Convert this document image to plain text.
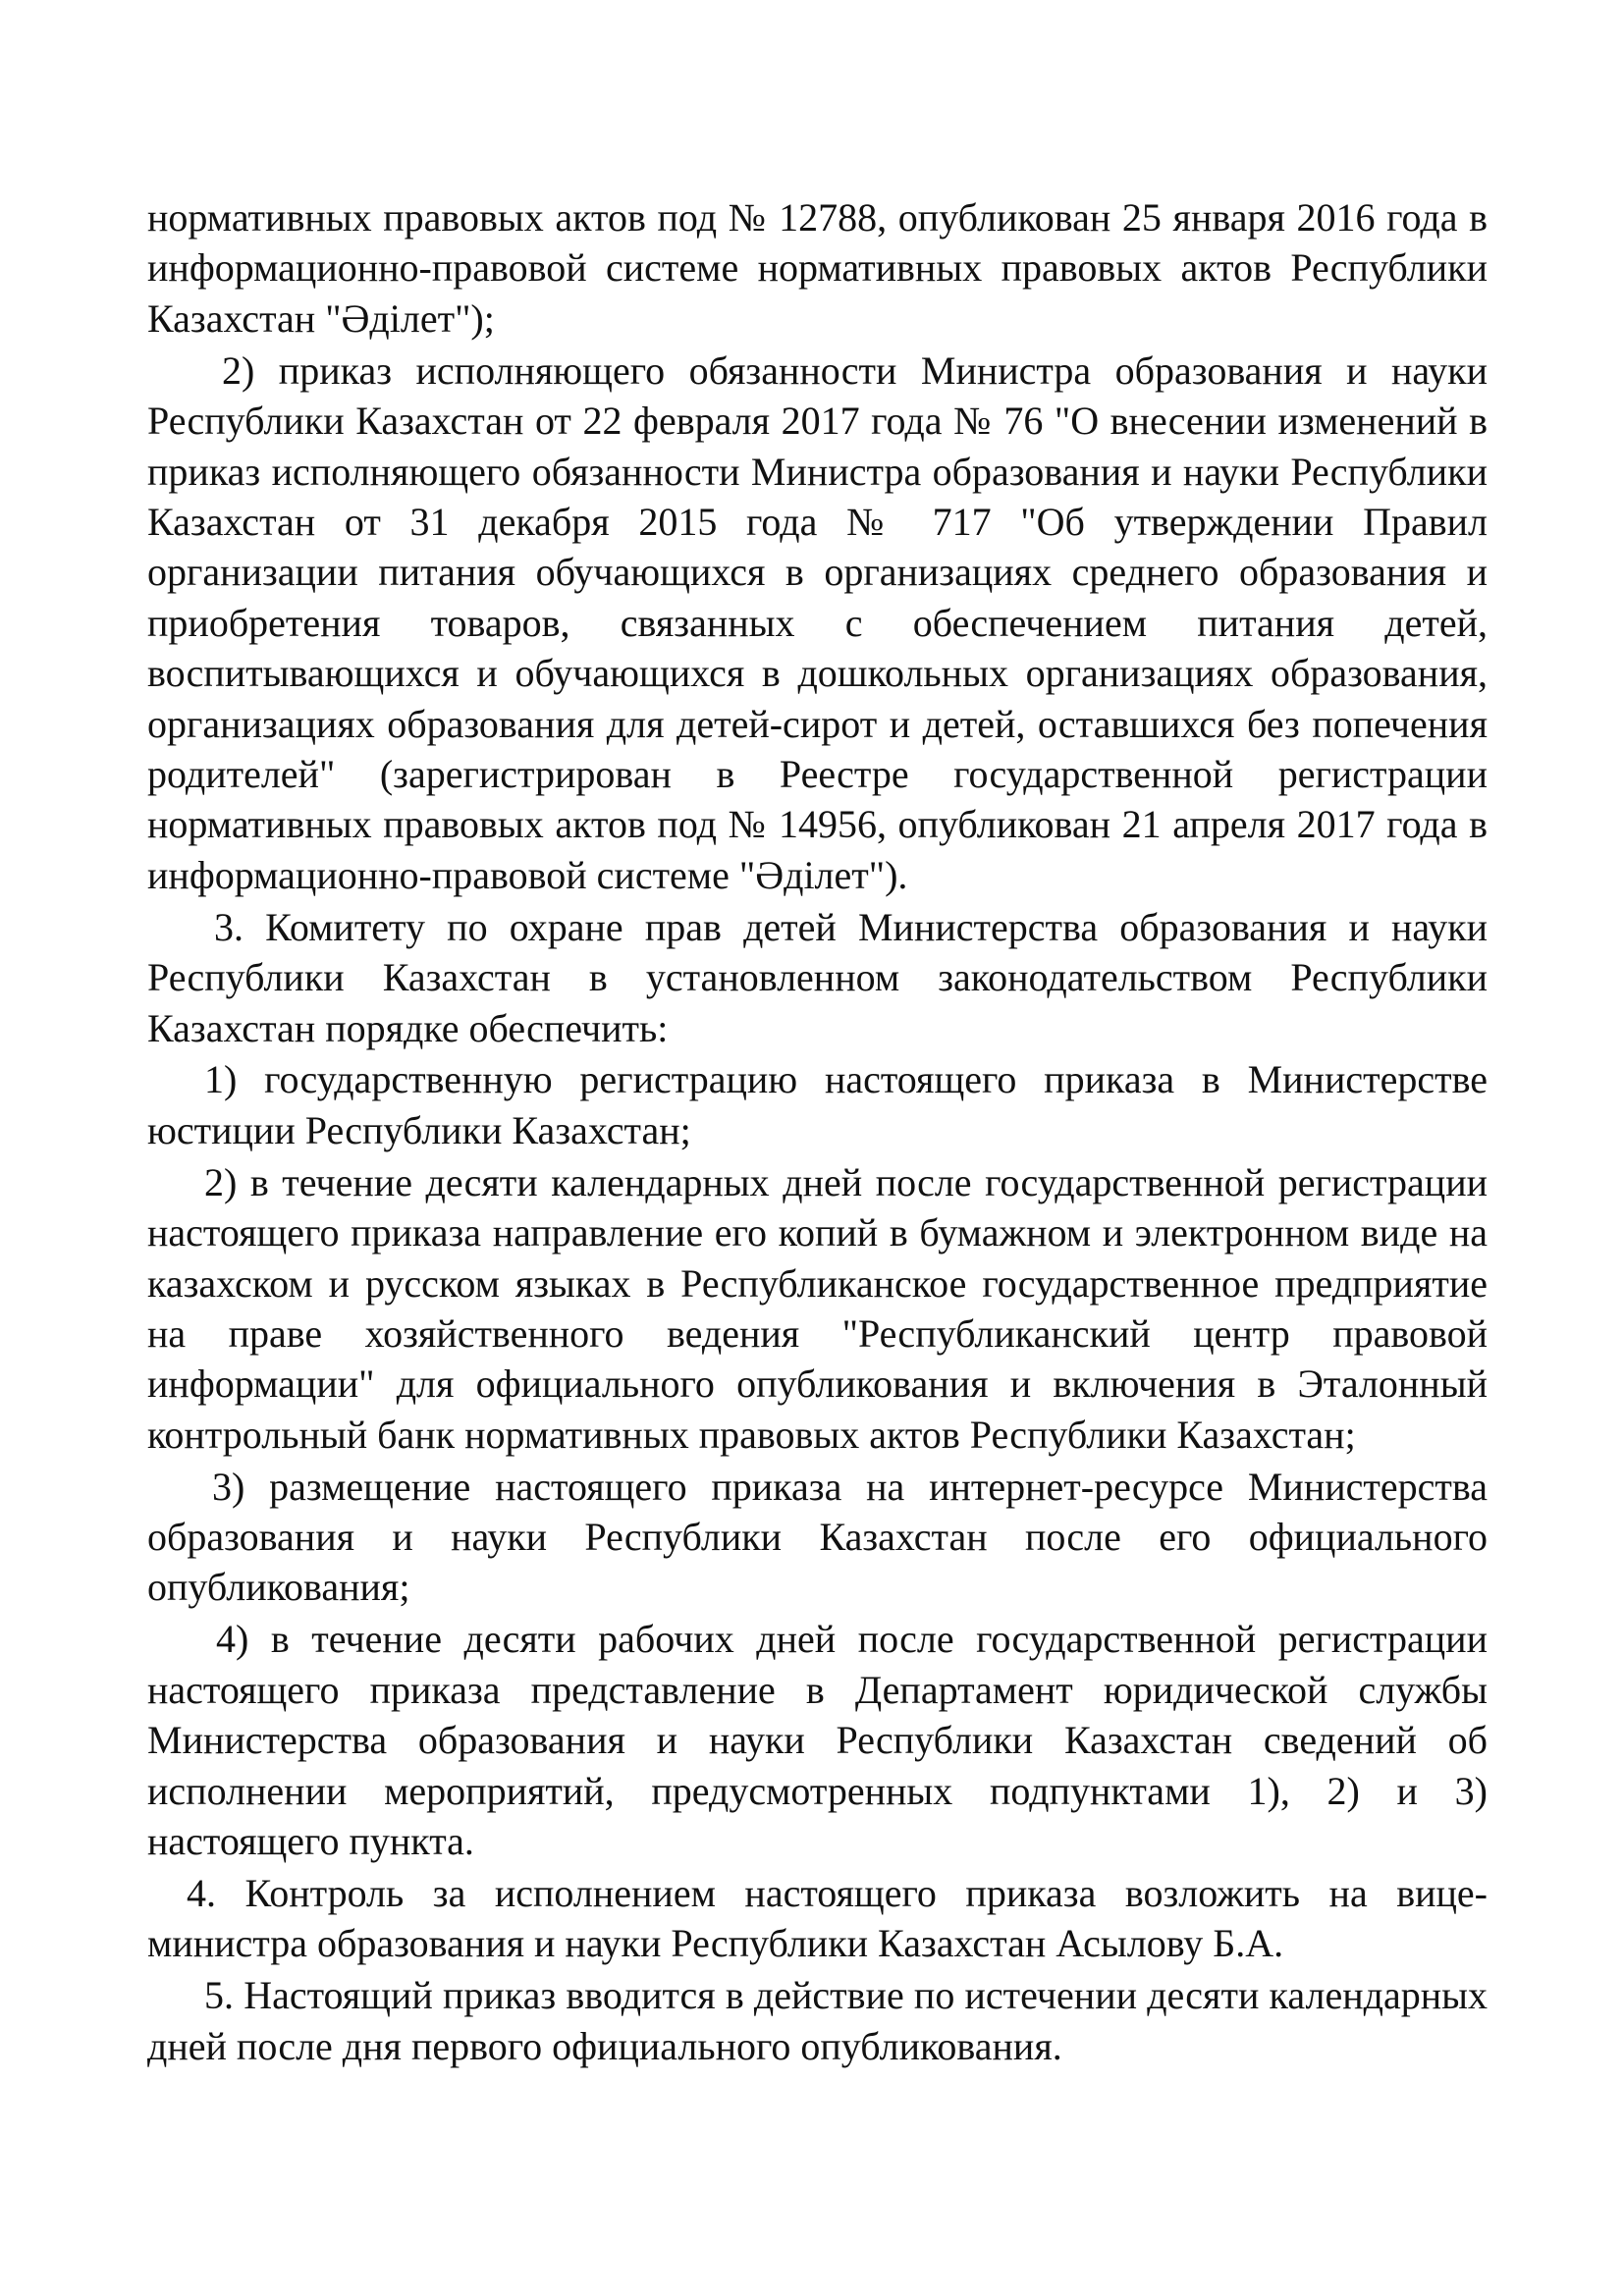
нормативных правовых актов под № 12788, опубликован 25 января 2016 года в информационно-правовой системе нормативных правовых актов Республики Казахстан "Әділет");

2) приказ исполняющего обязанности Министра образования и науки Республики Казахстан от 22 февраля 2017 года № 76 "О внесении изменений в приказ исполняющего обязанности Министра образования и науки Республики Казахстан от 31 декабря 2015 года № 717 "Об утверждении Правил организации питания обучающихся в организациях среднего образования и приобретения товаров, связанных с обеспечением питания детей, воспитывающихся и обучающихся в дошкольных организациях образования, организациях образования для детей-сирот и детей, оставшихся без попечения родителей" (зарегистрирован в Реестре государственной регистрации нормативных правовых актов под № 14956, опубликован 21 апреля 2017 года в информационно-правовой системе "Әділет").

3. Комитету по охране прав детей Министерства образования и науки Республики Казахстан в установленном законодательством Республики Казахстан порядке обеспечить:

1) государственную регистрацию настоящего приказа в Министерстве юстиции Республики Казахстан;

2) в течение десяти календарных дней после государственной регистрации настоящего приказа направление его копий в бумажном и электронном виде на казахском и русском языках в Республиканское государственное предприятие на праве хозяйственного ведения "Республиканский центр правовой информации" для официального опубликования и включения в Эталонный контрольный банк нормативных правовых актов Республики Казахстан;

3) размещение настоящего приказа на интернет-ресурсе Министерства образования и науки Республики Казахстан после его официального опубликования;

4) в течение десяти рабочих дней после государственной регистрации настоящего приказа представление в Департамент юридической службы Министерства образования и науки Республики Казахстан сведений об исполнении мероприятий, предусмотренных подпунктами 1), 2) и 3) настоящего пункта.

4. Контроль за исполнением настоящего приказа возложить на вице-министра образования и науки Республики Казахстан Асылову Б.А.

5. Настоящий приказ вводится в действие по истечении десяти календарных дней после дня первого официального опубликования.
